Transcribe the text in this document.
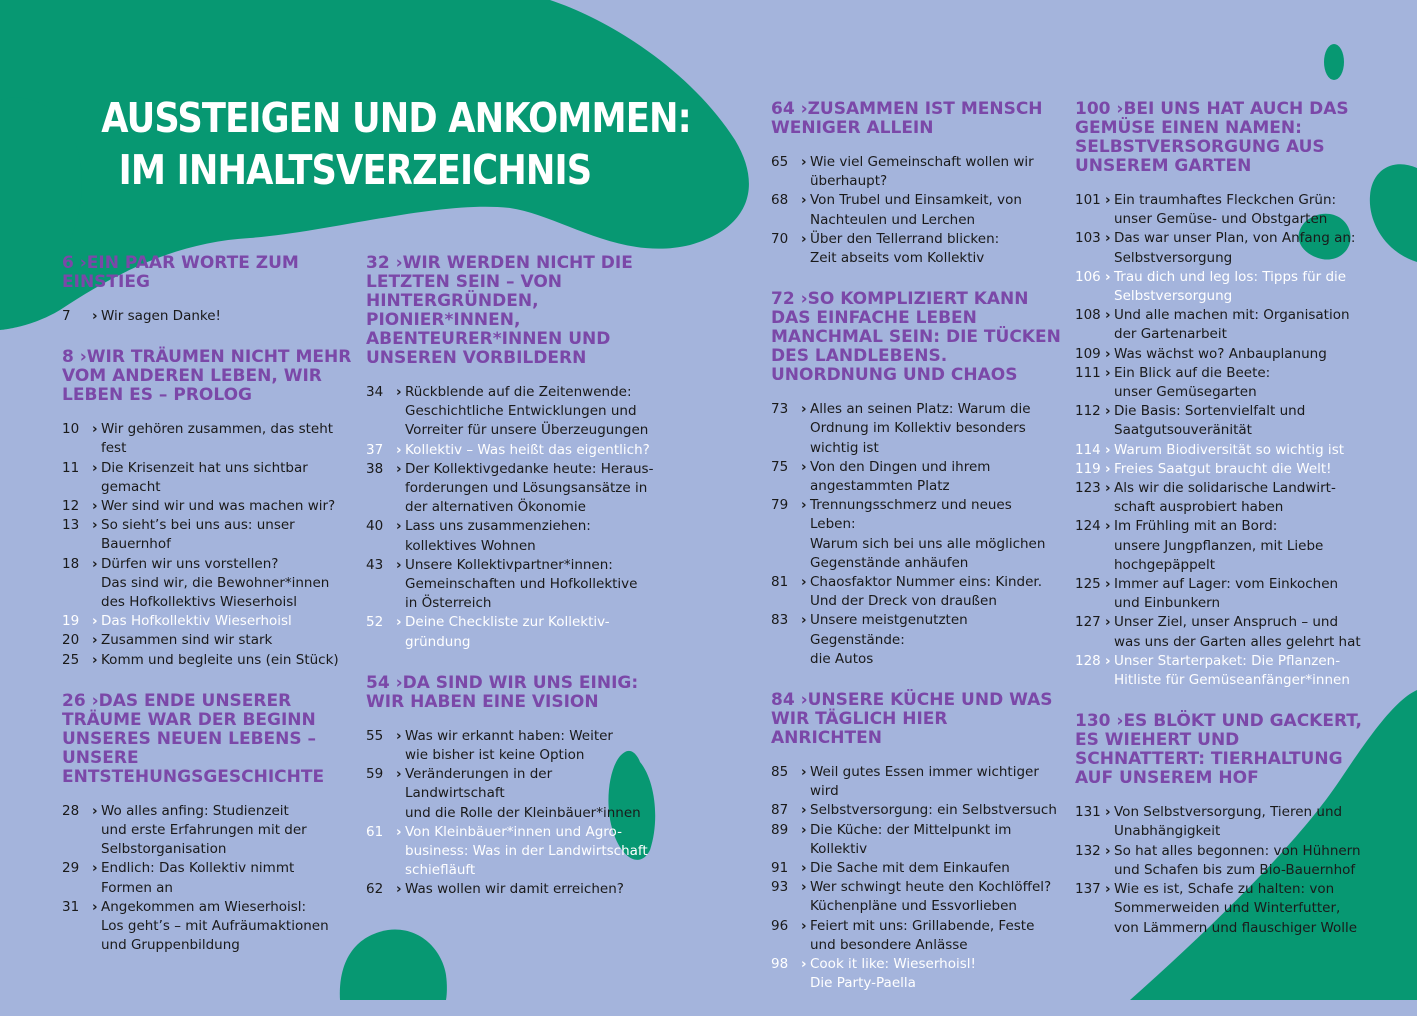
AUSSTEIGEN UND ANKOMMEN:
IM INHALTSVERZEICHNIS
6 ›EIN PAAR WORTE ZUM EINSTIEG
7	› Wir sagen Danke!
8 ›WIR TRÄUMEN NICHT MEHR VOM ANDEREN LEBEN, WIR LEBEN ES – PROLOG
10 › Wir gehören zusammen, das steht
fest
11 › Die Krisenzeit hat uns sichtbar
gemacht
12 › Wer sind wir und was machen wir?
13 › So sieht’s bei uns aus: unser
Bauernhof
18 › Dürfen wir uns vorstellen?
Das sind wir, die Bewohner*innen
des Hofkollektivs Wieserhoisl
19 › Das Hofkollektiv Wieserhoisl
20 › Zusammen sind wir stark
25 › Komm und begleite uns (ein Stück)
26 ›DAS ENDE UNSERER TRÄUME WAR DER BEGINN UNSERES NEUEN LEBENS – UNSERE ENTSTEHUNGSGESCHICHTE
28 › Wo alles anfing: Studienzeit
und erste Erfahrungen mit der
Selbstorganisation
29 › Endlich: Das Kollektiv nimmt
Formen an
31 › Angekommen am Wieserhoisl:
Los geht’s – mit Aufräumaktionen
und Gruppenbildung
32 ›WIR WERDEN NICHT DIE LETZTEN SEIN – VON HINTERGRÜNDEN, PIONIER*INNEN, ABENTEURER*INNEN UND UNSEREN VORBILDERN
34 › Rückblende auf die Zeitenwende:
Geschichtliche Entwicklungen und
Vorreiter für unsere Überzeugungen
37 › Kollektiv – Was heißt das eigentlich?
38 › Der Kollektivgedanke heute: Heraus-
forderungen und Lösungsansätze in
der alternativen Ökonomie
40 › Lass uns zusammenziehen:
kollektives Wohnen
43 › Unsere Kollektivpartner*innen:
Gemeinschaften und Hofkollektive
in Österreich
52 › Deine Checkliste zur Kollektiv-
gründung
54 ›DA SIND WIR UNS EINIG: WIR HABEN EINE VISION
55 › Was wir erkannt haben: Weiter
wie bisher ist keine Option
59 › Veränderungen in der Landwirtschaft
und die Rolle der Kleinbäuer*innen
61 › Von Kleinbäuer*innen und Agro-
business: Was in der Landwirtschaft
schiefläuft
62 › Was wollen wir damit erreichen?
64 ›ZUSAMMEN IST MENSCH WENIGER ALLEIN
65 › Wie viel Gemeinschaft wollen wir
überhaupt?
68 › Von Trubel und Einsamkeit, von
Nachteulen und Lerchen
70 › Über den Tellerrand blicken:
Zeit abseits vom Kollektiv
72 ›SO KOMPLIZIERT KANN DAS EINFACHE LEBEN MANCHMAL SEIN: DIE TÜCKEN DES LANDLEBENS. UNORDNUNG UND CHAOS
73 › Alles an seinen Platz: Warum die
Ordnung im Kollektiv besonders
wichtig ist
75 › Von den Dingen und ihrem
angestammten Platz
79 › Trennungsschmerz und neues Leben:
Warum sich bei uns alle möglichen
Gegenstände anhäufen
81 › Chaosfaktor Nummer eins: Kinder.
Und der Dreck von draußen
83 › Unsere meistgenutzten Gegenstände:
die Autos
84 ›UNSERE KÜCHE UND WAS WIR TÄGLICH HIER ANRICHTEN
85 › Weil gutes Essen immer wichtiger
wird
87 › Selbstversorgung: ein Selbstversuch
89 › Die Küche: der Mittelpunkt im
Kollektiv
91 › Die Sache mit dem Einkaufen
93 › Wer schwingt heute den Kochlöffel?
Küchenpläne und Essvorlieben
96 › Feiert mit uns: Grillabende, Feste
und besondere Anlässe
98 › Cook it like: Wieserhoisl!
Die Party-Paella
100 ›BEI UNS HAT AUCH DAS GEMÜSE EINEN NAMEN: SELBSTVERSORGUNG AUS UNSEREM GARTEN
101 › Ein traumhaftes Fleckchen Grün:
unser Gemüse- und Obstgarten
103 › Das war unser Plan, von Anfang an:
Selbstversorgung
106 › Trau dich und leg los: Tipps für die
Selbstversorgung
108 › Und alle machen mit: Organisation
der Gartenarbeit
109 › Was wächst wo? Anbauplanung
111 › Ein Blick auf die Beete:
unser Gemüsegarten
112 › Die Basis: Sortenvielfalt und
Saatgutsouveränität
114 › Warum Biodiversität so wichtig ist
119 › Freies Saatgut braucht die Welt!
123 › Als wir die solidarische Landwirt-
schaft ausprobiert haben
124 › Im Frühling mit an Bord:
unsere Jungpflanzen, mit Liebe
hochgepäppelt
125 › Immer auf Lager: vom Einkochen
und Einbunkern
127 › Unser Ziel, unser Anspruch – und
was uns der Garten alles gelehrt hat
128 › Unser Starterpaket: Die Pflanzen-
Hitliste für Gemüseanfänger*innen
130 ›ES BLÖKT UND GACKERT, ES WIEHERT UND SCHNATTERT: TIERHALTUNG AUF UNSEREM HOF
131 › Von Selbstversorgung, Tieren und
Unabhängigkeit
132 › So hat alles begonnen: von Hühnern
und Schafen bis zum Bio-Bauernhof
137 › Wie es ist, Schafe zu halten: von
Sommerweiden und Winterfutter,
von Lämmern und flauschiger Wolle
